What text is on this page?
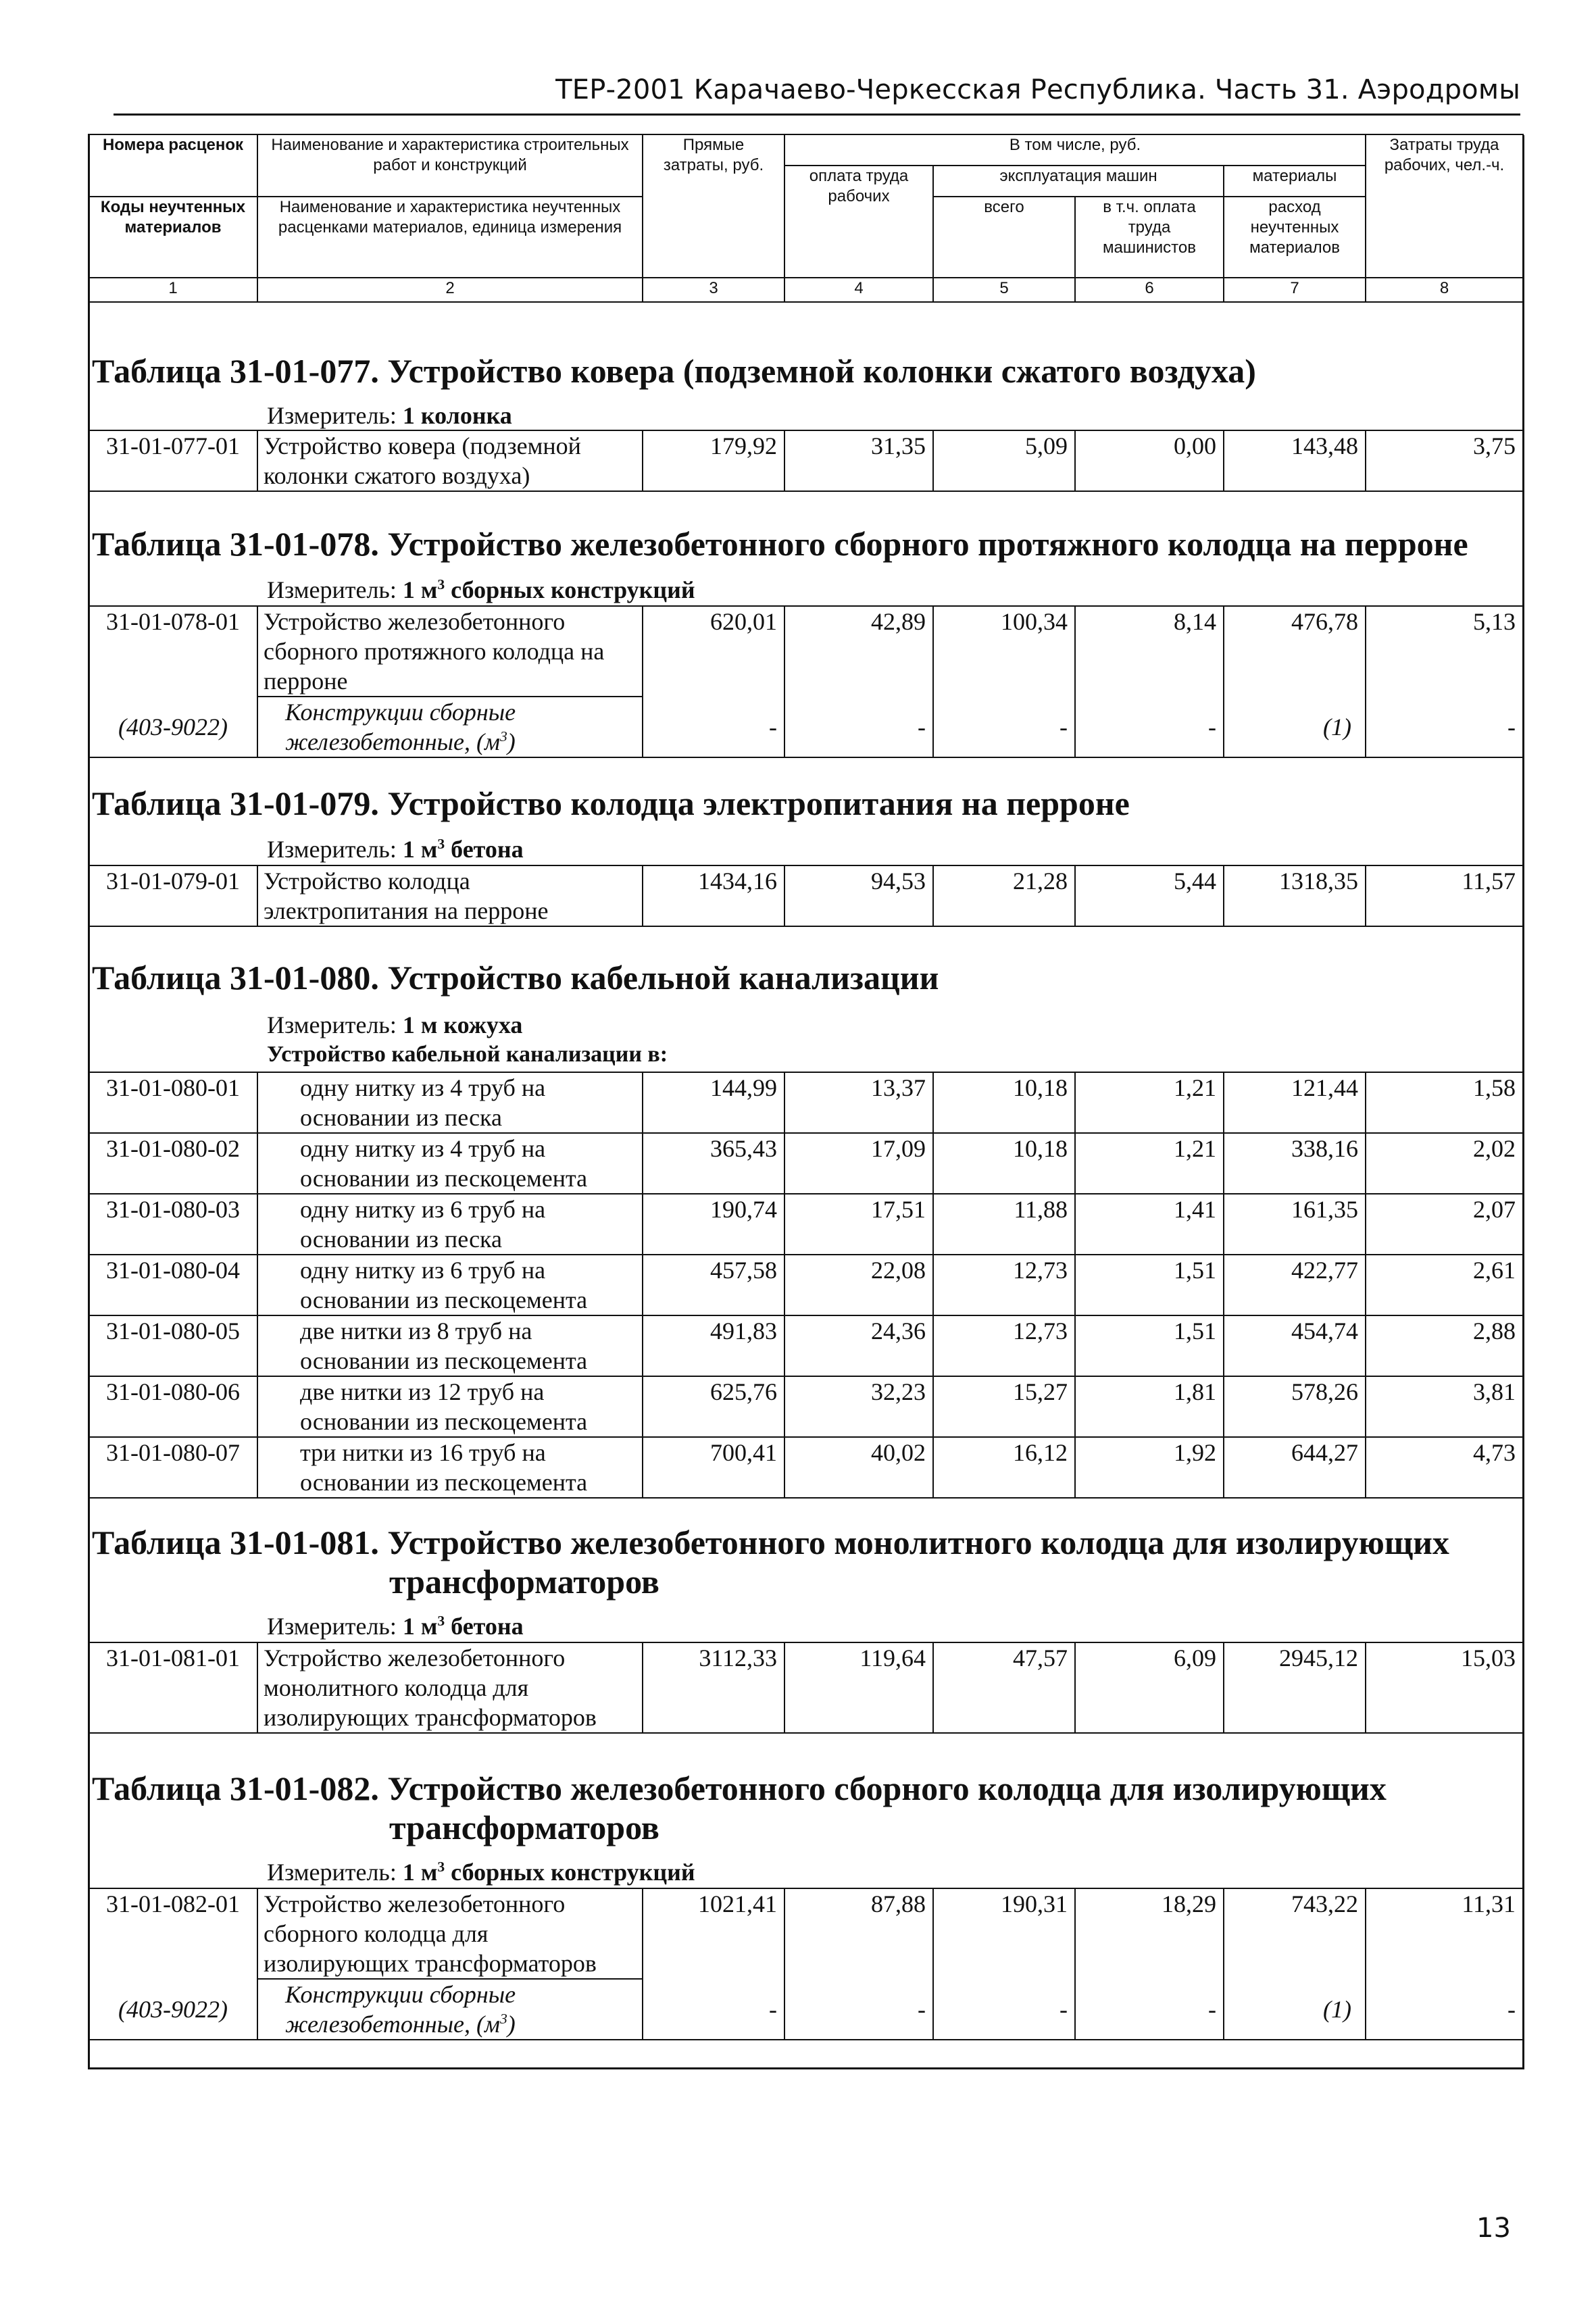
ТЕР-2001 Карачаево-Черкесская Республика. Часть 31. Аэродромы
Номера расценок	Наименование и характеристика строительных работ и конструкций	Прямые затраты, руб.	В том числе, руб.				Затраты труда рабочих, чел.-ч.
			оплата труда рабочих	эксплуатация машин		материалы	
Коды неучтенных материалов	Наименование и характеристика неучтенных расценками материалов, единица измерения			всего	в т.ч. оплата труда машинистов	расход неучтенных материалов	

1	2	3	4	5	6	7	8
Таблица 31-01-077. Устройство ковера (подземной колонки сжатого воздуха)
Измеритель: 1 колонка
31-01-077-01	Устройство ковера (подземной колонки сжатого воздуха)	179,92	31,35	5,09	0,00	143,48	3,75
Таблица 31-01-078. Устройство железобетонного сборного протяжного колодца на перроне
Измеритель: 1 $м^3$ сборных конструкций
31-01-078-01	Устройство железобетонного сборного протяжного колодца на перроне	620,01	42,89	100,34	8,14	476,78	5,13
(403-9022)	Конструкции сборные железобетонные, $(м^3)$	-	-	-	-	(1)	-
Таблица 31-01-079. Устройство колодца электропитания на перроне
Измеритель: 1 $м^3$ бетона
31-01-079-01	Устройство колодца электропитания на перроне	1434,16	94,53	21,28	5,44	1318,35	11,57
Таблица 31-01-080. Устройство кабельной канализации
Измеритель: 1 м кожуха
Устройство кабельной канализации в:
31-01-080-01	одну нитку из 4 труб на основании из песка	144,99	13,37	10,18	1,21	121,44	1,58
31-01-080-02	одну нитку из 4 труб на основании из пескоцемента	365,43	17,09	10,18	1,21	338,16	2,02
31-01-080-03	одну нитку из 6 труб на основании из песка	190,74	17,51	11,88	1,41	161,35	2,07
31-01-080-04	одну нитку из 6 труб на основании из пескоцемента	457,58	22,08	12,73	1,51	422,77	2,61
31-01-080-05	две нитки из 8 труб на основании из пескоцемента	491,83	24,36	12,73	1,51	454,74	2,88
31-01-080-06	две нитки из 12 труб на основании из пескоцемента	625,76	32,23	15,27	1,81	578,26	3,81
31-01-080-07	три нитки из 16 труб на основании из пескоцемента	700,41	40,02	16,12	1,92	644,27	4,73
Таблица 31-01-081. Устройство железобетонного монолитного колодца для изолирующих
трансформаторов
Измеритель: 1 $м^3$ бетона
31-01-081-01	Устройство железобетонного монолитного колодца для изолирующих трансформаторов	3112,33	119,64	47,57	6,09	2945,12	15,03
Таблица 31-01-082. Устройство железобетонного сборного колодца для изолирующих
трансформаторов
Измеритель: 1 $м^3$ сборных конструкций
31-01-082-01	Устройство железобетонного сборного колодца для изолирующих трансформаторов	1021,41	87,88	190,31	18,29	743,22	11,31
(403-9022)	Конструкции сборные железобетонные, $(м^3)$	-	-	-	-	(1)	-
13
